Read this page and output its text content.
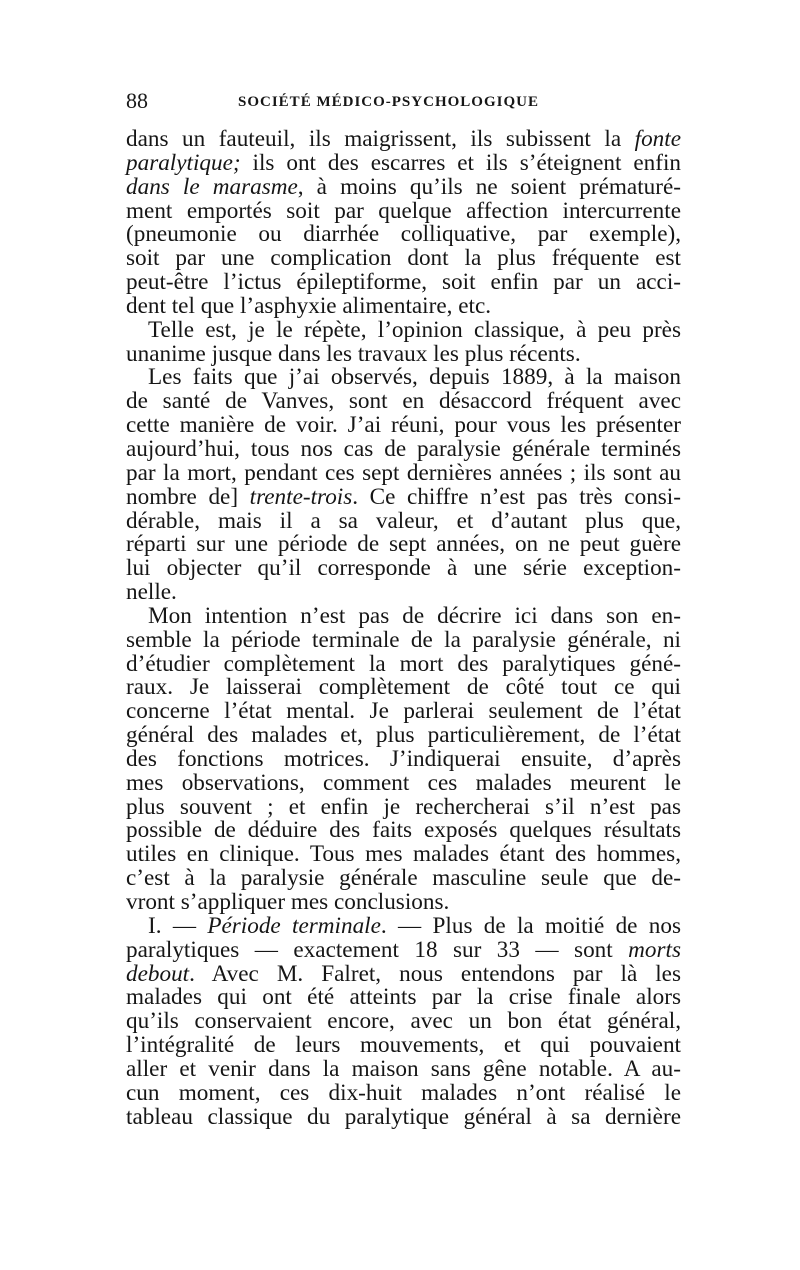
88	SOCIÉTÉ MÉDICO-PSYCHOLOGIQUE
dans un fauteuil, ils maigrissent, ils subissent la fonte
paralytique; ils ont des escarres et ils s’éteignent enfin
dans le marasme, à moins qu’ils ne soient prématuré-
ment emportés soit par quelque affection intercurrente
(pneumonie ou diarrhée colliquative, par exemple),
soit par une complication dont la plus fréquente est
peut-être l’ictus épileptiforme, soit enfin par un acci-
dent tel que l’asphyxie alimentaire, etc.
Telle est, je le répète, l’opinion classique, à peu près
unanime jusque dans les travaux les plus récents.
Les faits que j’ai observés, depuis 1889, à la maison
de santé de Vanves, sont en désaccord fréquent avec
cette manière de voir. J’ai réuni, pour vous les présenter
aujourd’hui, tous nos cas de paralysie générale terminés
par la mort, pendant ces sept dernières années ; ils sont au
nombre de] trente-trois. Ce chiffre n’est pas très consi-
dérable, mais il a sa valeur, et d’autant plus que,
réparti sur une période de sept années, on ne peut guère
lui objecter qu’il corresponde à une série exception-
nelle.
Mon intention n’est pas de décrire ici dans son en-
semble la période terminale de la paralysie générale, ni
d’étudier complètement la mort des paralytiques géné-
raux. Je laisserai complètement de côté tout ce qui
concerne l’état mental. Je parlerai seulement de l’état
général des malades et, plus particulièrement, de l’état
des fonctions motrices. J’indiquerai ensuite, d’après
mes observations, comment ces malades meurent le
plus souvent ; et enfin je rechercherai s’il n’est pas
possible de déduire des faits exposés quelques résultats
utiles en clinique. Tous mes malades étant des hommes,
c’est à la paralysie générale masculine seule que de-
vront s’appliquer mes conclusions.
I. — Période terminale. — Plus de la moitié de nos
paralytiques — exactement 18 sur 33 — sont morts
debout. Avec M. Falret, nous entendons par là les
malades qui ont été atteints par la crise finale alors
qu’ils conservaient encore, avec un bon état général,
l’intégralité de leurs mouvements, et qui pouvaient
aller et venir dans la maison sans gêne notable. A au-
cun moment, ces dix-huit malades n’ont réalisé le
tableau classique du paralytique général à sa dernière
